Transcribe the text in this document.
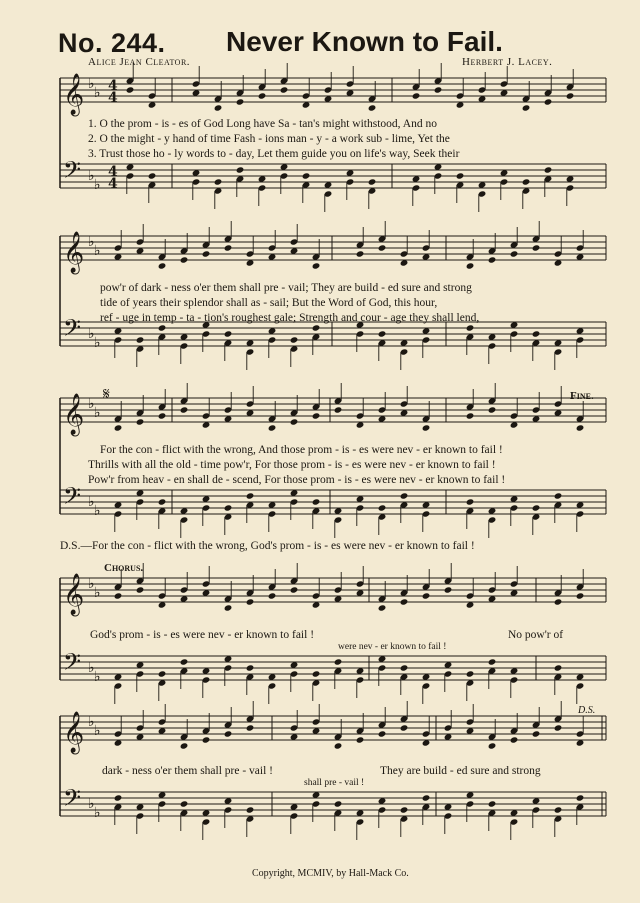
No. 244. Never Known to Fail.
Alice Jean Cleator.	Herbert J. Lacey.
𝄞
𝄢
♭
♭
♭
♭
4
4
4
4
𝄞
𝄢
♭
♭
♭
♭
𝄞
𝄢
♭
♭
♭
♭
𝄞
𝄢
♭
♭
♭
♭
𝄞
𝄢
♭
♭
♭
♭
1. O the prom - is - es of God Long have Sa - tan's might withstood, And no
2. O the might - y hand of time Fash - ions man - y - a work sub - lime, Yet the
3. Trust those ho - ly words to - day, Let them guide you on life's way, Seek their
pow'r of dark - ness o'er them shall pre - vail; They are build - ed sure and strong
tide of years their splendor shall as - sail; But the Word of God, this hour,
ref - uge in temp - ta - tion's roughest gale; Strength and cour - age they shall lend,
𝄋	Fine.
For the con - flict with the wrong, And those prom - is - es were nev - er known to fail !
Thrills with all the old - time pow'r, For those prom - is - es were nev - er known to fail !
Pow'r from heav - en shall de - scend, For those prom - is - es were nev - er known to fail !
D.S.—For the con - flict with the wrong, God's prom - is - es were nev - er known to fail !
Chorus.
God's prom - is - es were nev - er known to fail !	No pow'r of
were nev - er known to fail !
D.S.
dark - ness o'er them shall pre - vail !	They are build - ed sure and strong
shall pre - vail !
Copyright, MCMIV, by Hall-Mack Co.
